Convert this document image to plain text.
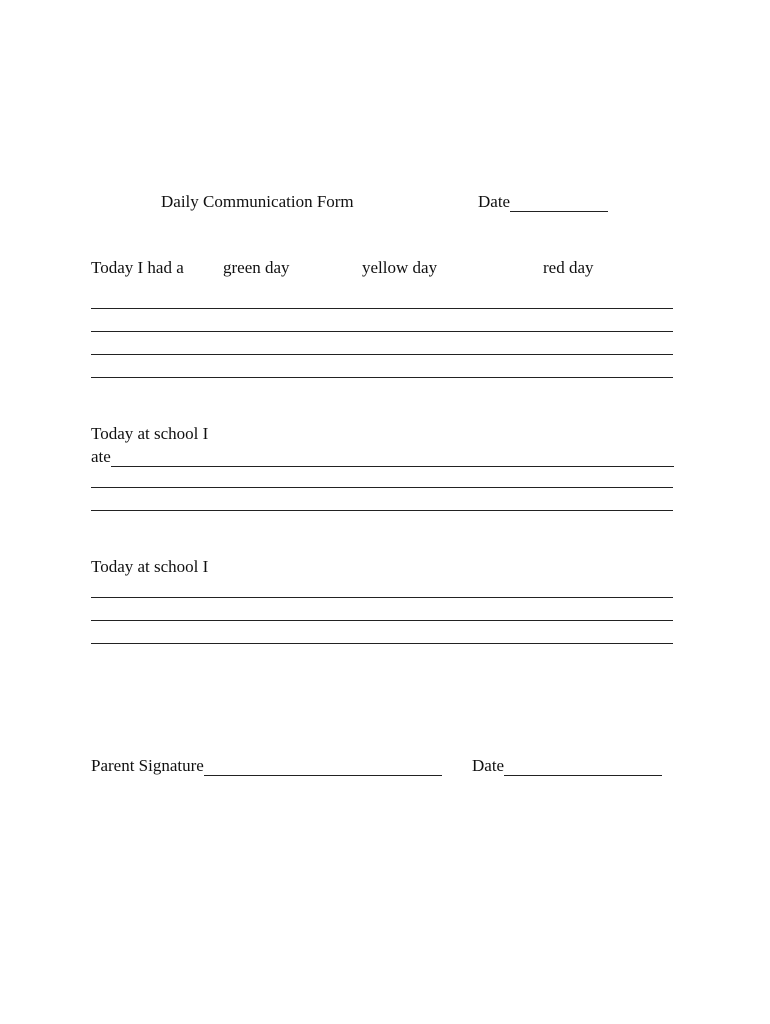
Daily Communication Form	Date
Today I had a green day	yellow day	red day
Today at school I
ate
Today at school I
Parent Signature	Date
